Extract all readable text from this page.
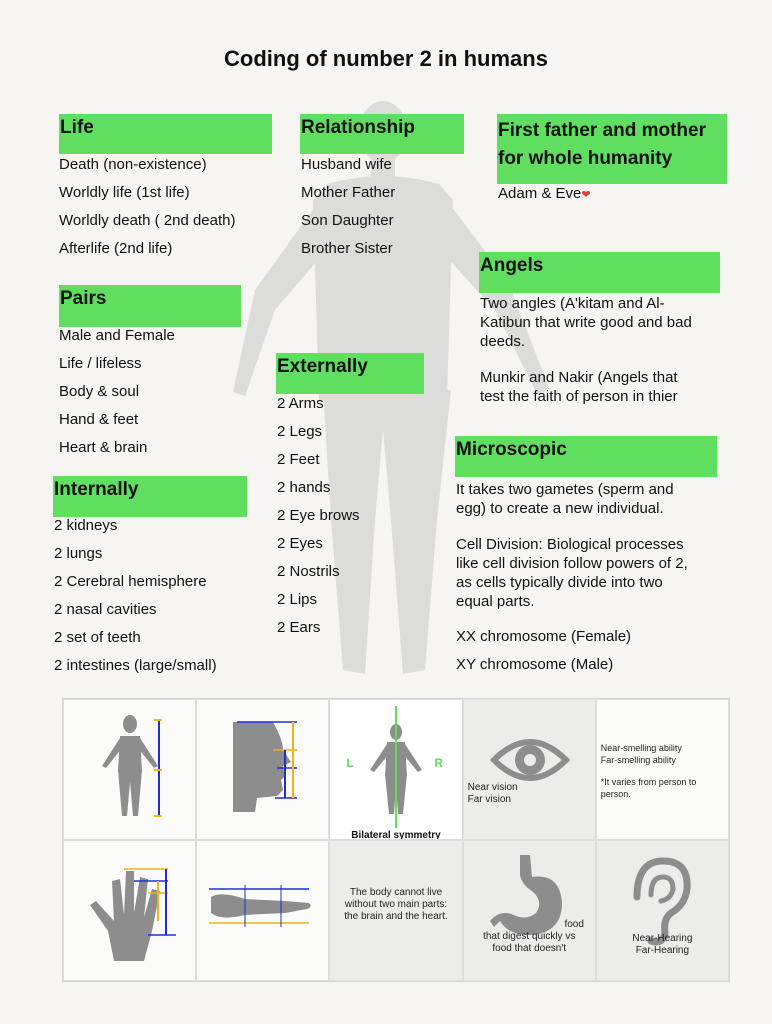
Coding of number 2 in humans
Life
Death (non-existence)
Worldly life (1st life)
Worldly death ( 2nd death)
Afterlife (2nd life)
Relationship
Husband wife
Mother Father
Son Daughter
Brother Sister
First father and mother
for whole humanity
Adam & Eve❤
Pairs
Male and Female
Life / lifeless
Body & soul
Hand & feet
Heart & brain
Angels
Two angles (A'kitam and Al-
Katibun that write good and bad
deeds.
Munkir and Nakir (Angels that
test the faith of person in thier
Externally
2 Arms
2 Legs
2 Feet
2 hands
2 Eye brows
2 Eyes
2 Nostrils
2 Lips
2 Ears
Internally
2 kidneys
2 lungs
2 Cerebral hemisphere
2 nasal cavities
2 set of teeth
2 intestines (large/small)
Microscopic
It takes two gametes (sperm and
egg) to create a new individual.
Cell Division: Biological processes
like cell division follow powers of 2,
as cells typically divide into two
equal parts.
XX chromosome (Female)
XY chromosome (Male)
L	R
Bilateral symmetry
Near vision
Far vision
Near-smelling ability
Far-smelling ability
*It varies from person to
person.
The body cannot live
without two main parts:
the brain and the heart.
food
that digest quickly vs
food that doesn't
Near-Hearing
Far-Hearing
